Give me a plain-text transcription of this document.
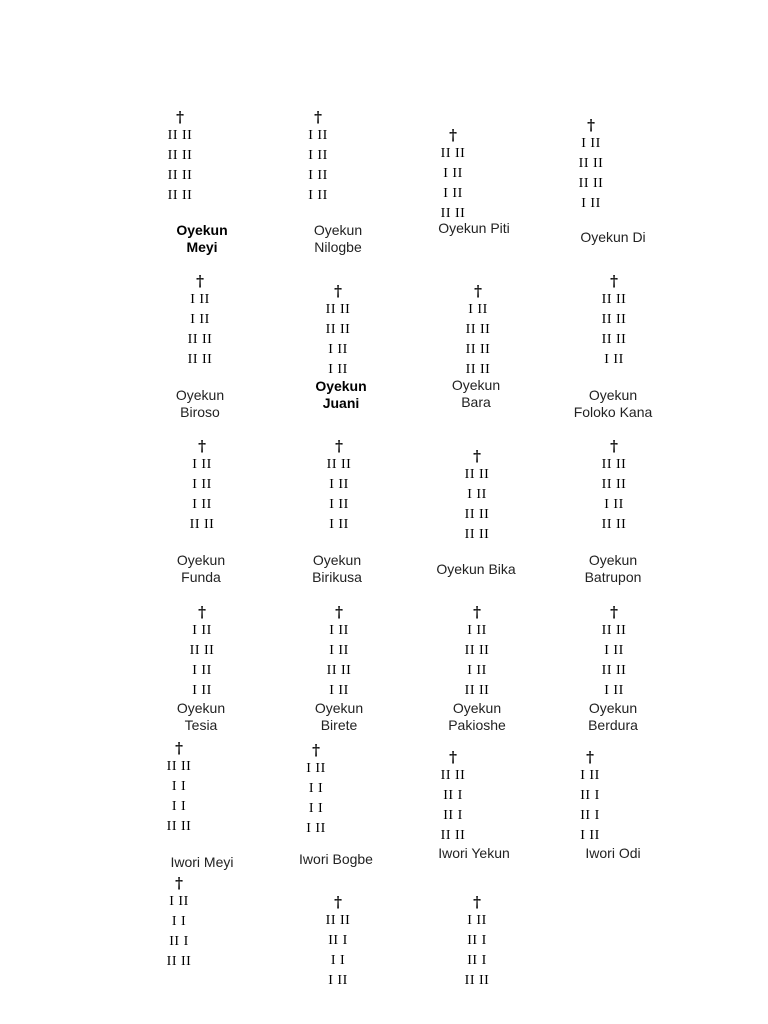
†
II II
II II
II II
II II
Oyekun
Meyi
†
I II
I II
I II
I II
Oyekun
Nilogbe
†
II II
I II
I II
II II
Oyekun Piti
†
I II
II II
II II
I II
Oyekun Di
†
I II
I II
II II
II II
Oyekun
Biroso
†
II II
II II
I II
I II
Oyekun
Juani
†
I II
II II
II II
II II
Oyekun
Bara
†
II II
II II
II II
I II
Oyekun
Foloko Kana
†
I II
I II
I II
II II
Oyekun
Funda
†
II II
I II
I II
I II
Oyekun
Birikusa
†
II II
I II
II II
II II
Oyekun Bika
†
II II
II II
I II
II II
Oyekun
Batrupon
†
I II
II II
I II
I II
Oyekun
Tesia
†
I II
I II
II II
I II
Oyekun
Birete
†
I II
II II
I II
II II
Oyekun
Pakioshe
†
II II
I II
II II
I II
Oyekun
Berdura
†
II II
I I
I I
II II
Iwori Meyi
†
I II
I I
I I
I II
Iwori Bogbe
†
II II
II I
II I
II II
Iwori Yekun
†
I II
II I
II I
I II
Iwori Odi
†
I II
I I
II I
II II
†
II II
II I
I I
I II
†
I II
II I
II I
II II
